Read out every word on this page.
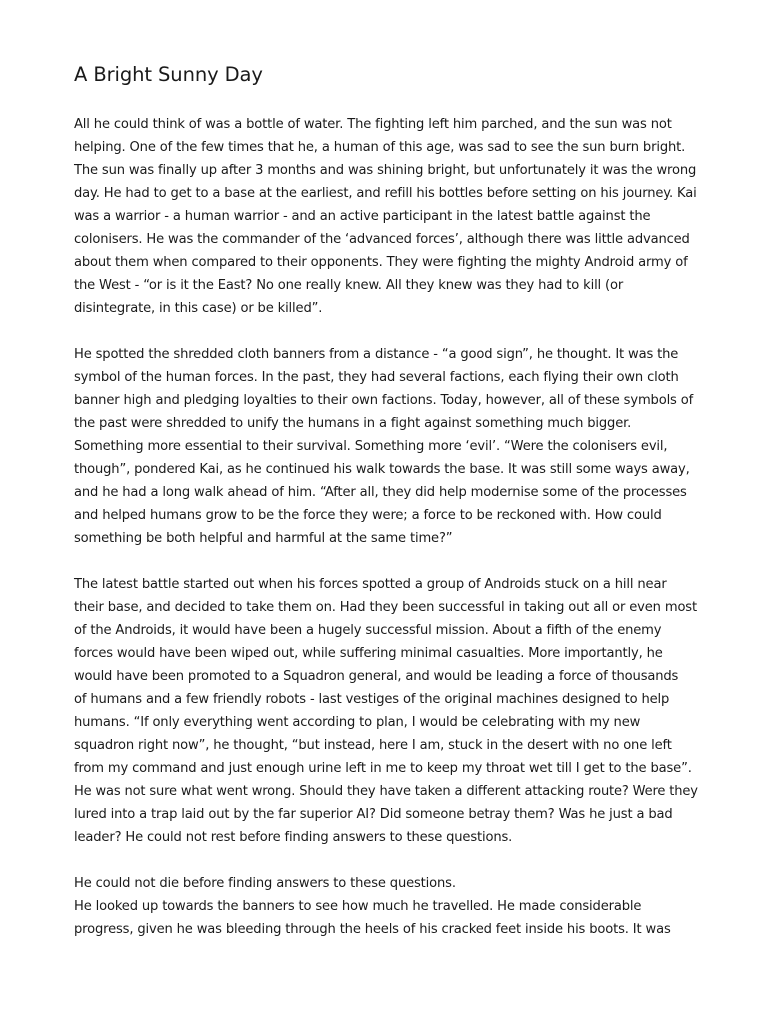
A Bright Sunny Day

All he could think of was a bottle of water. The fighting left him parched, and the sun was not
helping. One of the few times that he, a human of this age, was sad to see the sun burn bright.
The sun was finally up after 3 months and was shining bright, but unfortunately it was the wrong
day. He had to get to a base at the earliest, and refill his bottles before setting on his journey. Kai
was a warrior - a human warrior - and an active participant in the latest battle against the
colonisers. He was the commander of the ‘advanced forces’, although there was little advanced
about them when compared to their opponents. They were fighting the mighty Android army of
the West - “or is it the East? No one really knew. All they knew was they had to kill (or
disintegrate, in this case) or be killed”.

He spotted the shredded cloth banners from a distance - “a good sign”, he thought. It was the
symbol of the human forces. In the past, they had several factions, each flying their own cloth
banner high and pledging loyalties to their own factions. Today, however, all of these symbols of
the past were shredded to unify the humans in a fight against something much bigger.
Something more essential to their survival. Something more ‘evil’. “Were the colonisers evil,
though”, pondered Kai, as he continued his walk towards the base. It was still some ways away,
and he had a long walk ahead of him. “After all, they did help modernise some of the processes
and helped humans grow to be the force they were; a force to be reckoned with. How could
something be both helpful and harmful at the same time?”

The latest battle started out when his forces spotted a group of Androids stuck on a hill near
their base, and decided to take them on. Had they been successful in taking out all or even most
of the Androids, it would have been a hugely successful mission. About a fifth of the enemy
forces would have been wiped out, while suffering minimal casualties. More importantly, he
would have been promoted to a Squadron general, and would be leading a force of thousands
of humans and a few friendly robots - last vestiges of the original machines designed to help
humans. “If only everything went according to plan, I would be celebrating with my new
squadron right now”, he thought, “but instead, here I am, stuck in the desert with no one left
from my command and just enough urine left in me to keep my throat wet till I get to the base”.
He was not sure what went wrong. Should they have taken a different attacking route? Were they
lured into a trap laid out by the far superior AI? Did someone betray them? Was he just a bad
leader? He could not rest before finding answers to these questions.

He could not die before finding answers to these questions.
He looked up towards the banners to see how much he travelled. He made considerable
progress, given he was bleeding through the heels of his cracked feet inside his boots. It was
